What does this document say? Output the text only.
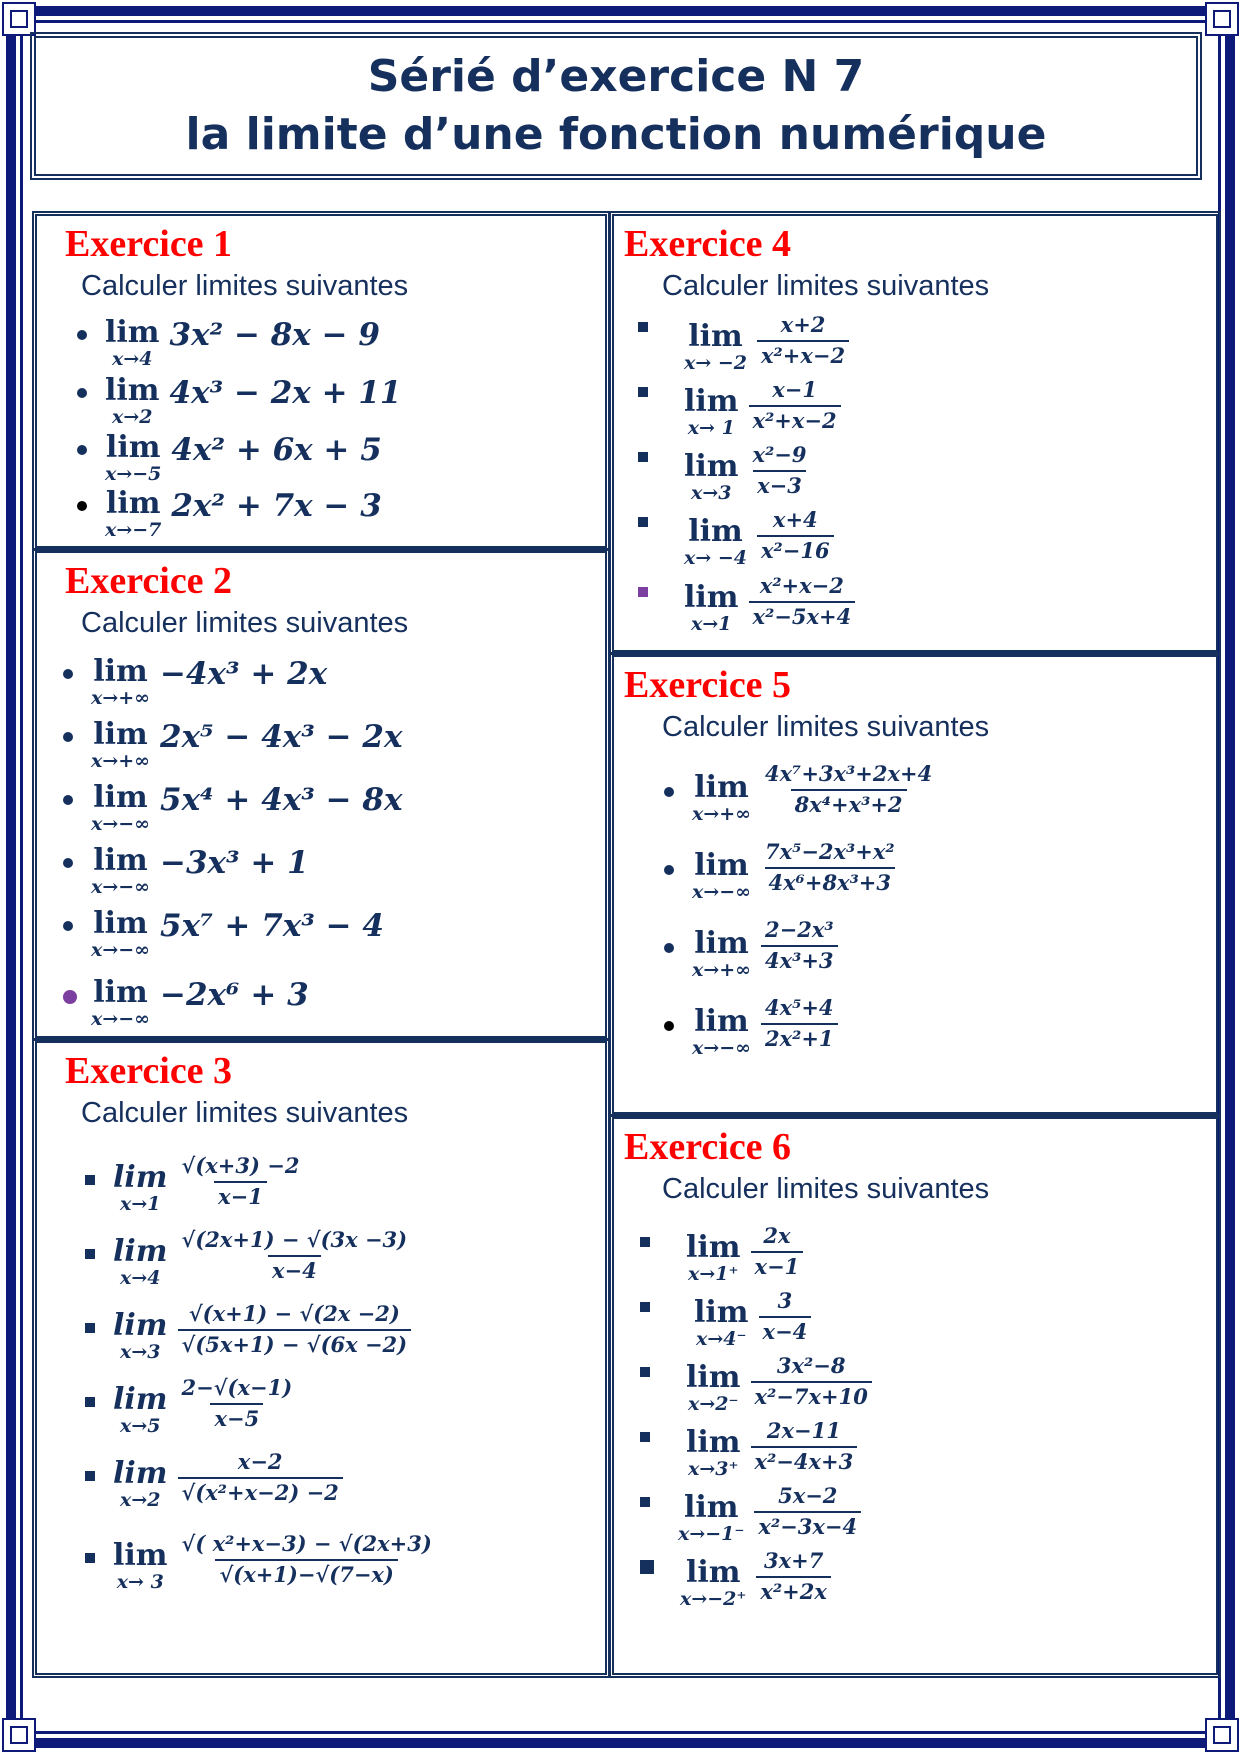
Sérié d’exercice N 7
la limite d’une fonction numérique
Exercice 1
Calculer limites suivantes
lim
x→4
3x² − 8x − 9
lim
x→2
4x³ − 2x + 11
lim
x→−5
4x² + 6x + 5
lim
x→−7
2x² + 7x − 3
Exercice 2
Calculer limites suivantes
lim
x→+∞
−4x³ + 2x
lim
x→+∞
2x⁵ − 4x³ − 2x
lim
x→−∞
5x⁴ + 4x³ − 8x
lim
x→−∞
−3x³ + 1
lim
x→−∞
5x⁷ + 7x³ − 4
lim
x→−∞
−2x⁶ + 3
Exercice 3
Calculer limites suivantes
lim
$x\to 1 \frac{√(x+3) -2}{x-1}$
lim
$x\to 4 \frac{√(2x+1) - √(3x -3)}{x-4}$
lim
$x\to 3 \frac{√(x+1) - √(2x -2)}{√(5x+1) - √(6x -2)}$
lim
$x\to 5 \frac{2-√(x-1)}{x-5}$
lim
$x\to 2 \frac{x-2}{\text{√(x²+x−2) −2}}$
lim
$x\to 3 \frac{\text{√( x²+x−3) − √(2x+3)}}{√(x+1)-√(7-x)}$
Exercice 4
Calculer limites suivantes
lim
$x\to -2 \frac{x+2}{\text{x²+x−2}}$
lim
$x\to 1 \frac{x-1}{\text{x²+x−2}}$
lim
$x\to 3 \frac{\text{x²−9}}{x-3}$
lim
$x\to -4 \frac{x+4}{\text{x²−16}}$
lim
$x\to 1 \frac{\text{x²+x−2}}{\text{x²−5x+4}}$
Exercice 5
Calculer limites suivantes
lim
$x\to+\infty \frac{\text{4x⁷+3x³+2x+4}}{\text{8x⁴+x³+2}}$
lim
$x\to-\infty \frac{\text{7x⁵−2x³+x²}}{\text{4x⁶+8x³+3}}$
lim
$x\to+\infty \frac{\text{2−2x³}}{\text{4x³+3}}$
lim
$x\to-\infty \frac{\text{4x⁵+4}}{\text{2x²+1}}$
Exercice 6
Calculer limites suivantes
lim
$x\to 1^+ \frac{2x}{x-1}$
lim
$x\to 4^- \frac{3}{x-4}$
lim
$x\to 2^- \frac{\text{3x²−8}}{\text{x²−7x+10}}$
lim
$x\to 3^+ \frac{2x-11}{\text{x²−4x+3}}$
lim
$x\to-1^- \frac{5x-2}{\text{x²−3x−4}}$
lim
$x\to-2^+ \frac{3x+7}{\text{x²+2x}}$
